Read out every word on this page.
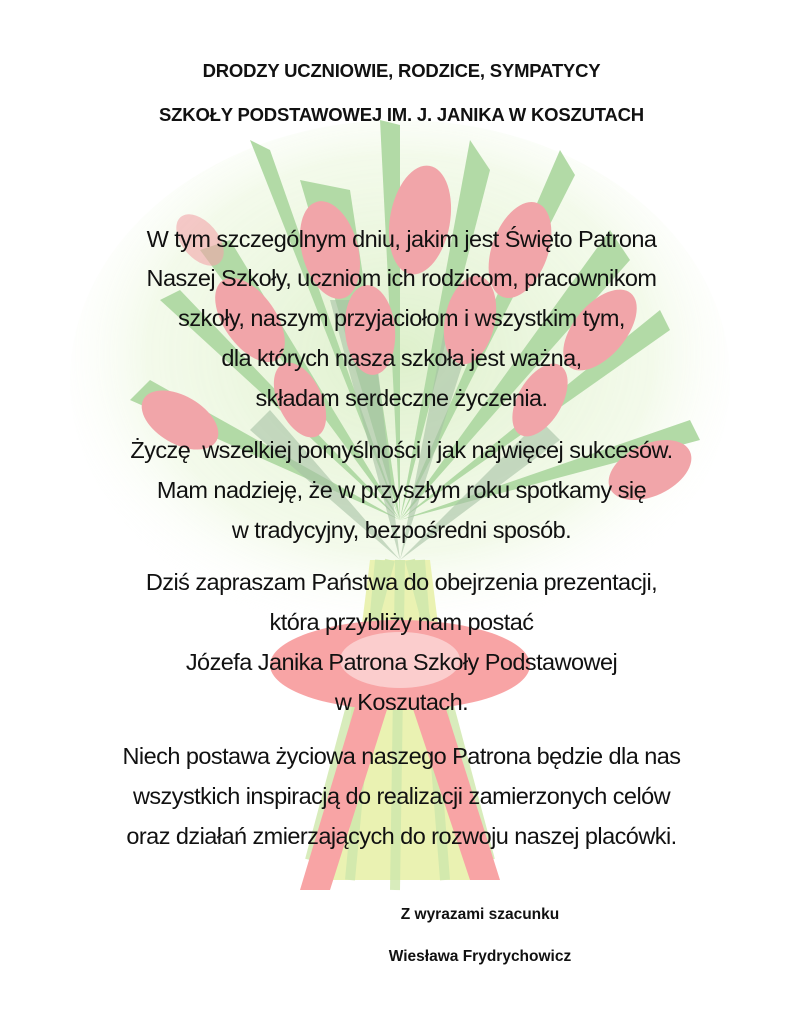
DRODZY UCZNIOWIE, RODZICE, SYMPATYCY
SZKOŁY PODSTAWOWEJ IM. J. JANIKA W KOSZUTACH
W tym szczególnym dniu, jakim jest Święto Patrona
Naszej Szkoły, uczniom ich rodzicom, pracownikom
szkoły, naszym przyjaciołom i wszystkim tym,
dla których nasza szkoła jest ważna,
składam serdeczne życzenia.
Życzę  wszelkiej pomyślności i jak najwięcej sukcesów.
Mam nadzieję, że w przyszłym roku spotkamy się
w tradycyjny, bezpośredni sposób.
Dziś zapraszam Państwa do obejrzenia prezentacji,
która przybliży nam postać
Józefa Janika Patrona Szkoły Podstawowej
w Koszutach.
Niech postawa życiowa naszego Patrona będzie dla nas
wszystkich inspiracją do realizacji zamierzonych celów
oraz działań zmierzających do rozwoju naszej placówki.
Z wyrazami szacunku
Wiesława Frydrychowicz
